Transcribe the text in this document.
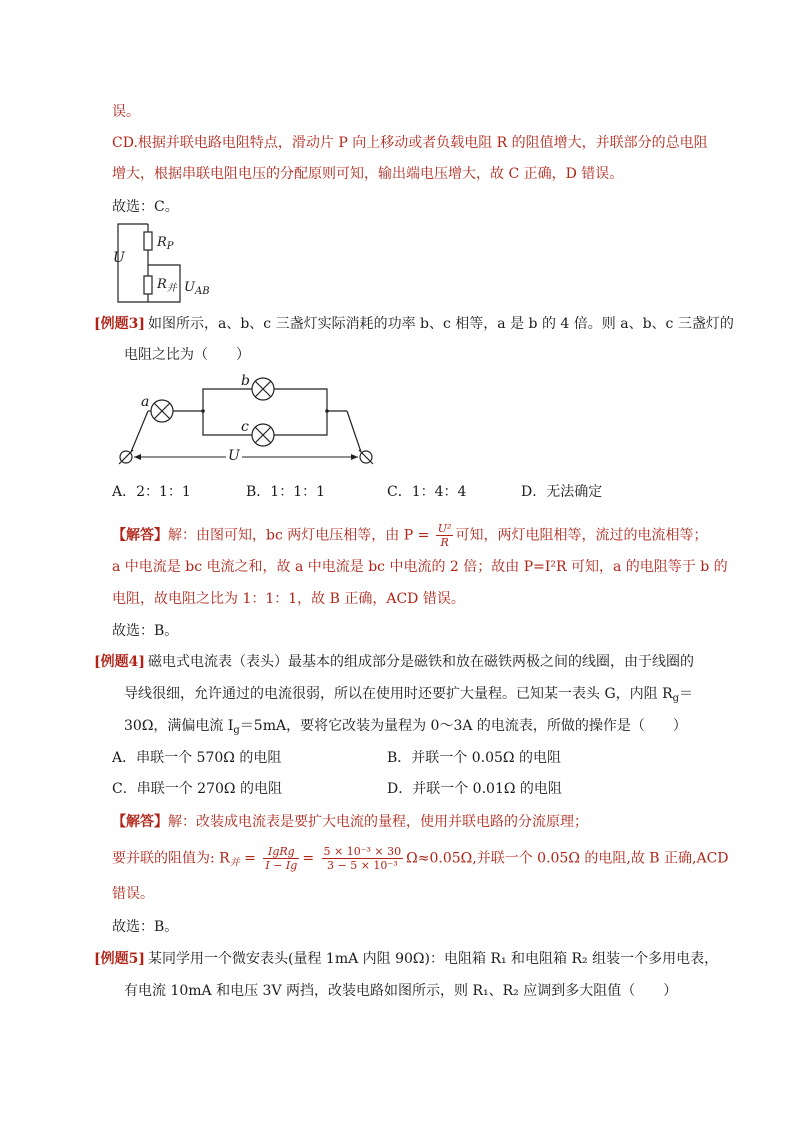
误。
CD.根据并联电路电阻特点，滑动片 P 向上移动或者负载电阻 R 的阻值增大，并联部分的总电阻
增大，根据串联电阻电压的分配原则可知，输出端电压增大，故 C 正确，D 错误。
故选：C。
U
$R_P$
$R_并$ $U_{AB}$
[例题3] 如图所示，a、b、c 三盏灯实际消耗的功率 b、c 相等，a 是 b 的 4 倍。则 a、b、c 三盏灯的
电阻之比为（　　）
a
b
c
U
A．2：1：1	B．1：1：1	C．1：4：4	D．无法确定
【解答】解：由图可知，bc 两灯电压相等，由 $P = \frac{\text{U²}}{R}$ 可知，两灯电阻相等，流过的电流相等；
a 中电流是 bc 电流之和，故 a 中电流是 bc 中电流的 2 倍；故由 P=I²R 可知，a 的电阻等于 b 的
电阻，故电阻之比为 1：1：1，故 B 正确，ACD 错误。
故选：B。
[例题4] 磁电式电流表（表头）最基本的组成部分是磁铁和放在磁铁两极之间的线圈，由于线圈的
导线很细，允许通过的电流很弱，所以在使用时还要扩大量程。已知某一表头 G，内阻 $R_g=$
30Ω，满偏电流 $I_g=5mA$，要将它改装为量程为 0～3A 的电流表，所做的操作是（　　）
A．串联一个 570Ω 的电阻	B．并联一个 0.05Ω 的电阻
C．串联一个 270Ω 的电阻	D．并联一个 0.01Ω 的电阻
【解答】解：改装成电流表是要扩大电流的量程，使用并联电路的分流原理；
要并联的阻值为: $R_并 = \frac{\text{IgRg}}{I - Ig} = \frac{\text{5 × 10⁻³ × 30}}{\text{3 − 5 × 10⁻³}} \Omega\approx 0.05\Omega$,并联一个 0.05Ω 的电阻,故 B 正确,ACD
错误。
故选：B。
[例题5] 某同学用一个微安表头(量程 1mA 内阻 90Ω)：电阻箱 R₁ 和电阻箱 R₂ 组装一个多用电表，
有电流 10mA 和电压 3V 两挡，改装电路如图所示，则 R₁、R₂ 应调到多大阻值（　　）
